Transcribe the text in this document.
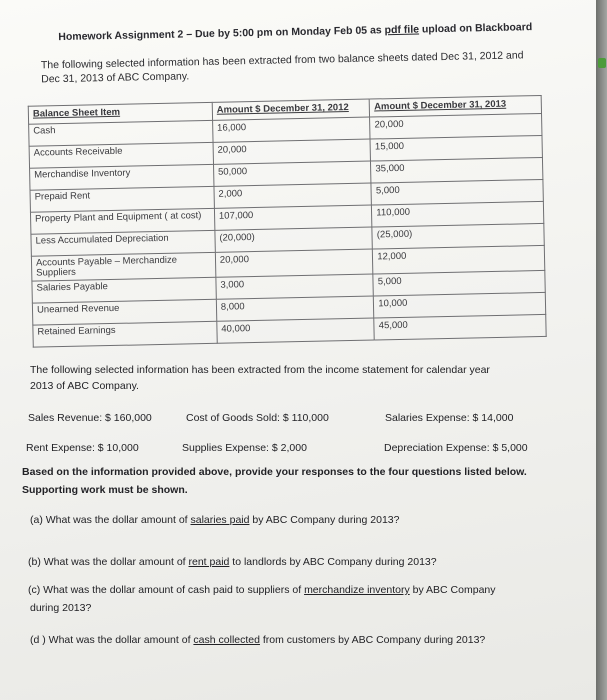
Homework Assignment 2 – Due by 5:00 pm on Monday Feb 05 as pdf file upload on Blackboard
The following selected information has been extracted from two balance sheets dated Dec 31, 2012 and
Dec 31, 2013 of ABC Company.
Balance Sheet Item	Amount $ December 31, 2012	Amount $ December 31, 2013
Cash	16,000	20,000
Accounts Receivable	20,000	15,000
Merchandise Inventory	50,000	35,000
Prepaid Rent	2,000	5,000
Property Plant and Equipment ( at cost)	107,000	110,000
Less Accumulated Depreciation	(20,000)	(25,000)
Accounts Payable – Merchandize Suppliers	20,000	12,000
Salaries Payable	3,000	5,000
Unearned Revenue	8,000	10,000
Retained Earnings	40,000	45,000
The following selected information has been extracted from the income statement for calendar year
2013 of ABC Company.
Sales Revenue: $ 160,000	Cost of Goods Sold: $ 110,000	Salaries Expense: $ 14,000
Rent Expense: $ 10,000	Supplies Expense: $ 2,000	Depreciation Expense: $ 5,000
Based on the information provided above, provide your responses to the four questions listed below.
Supporting work must be shown.
(a) What was the dollar amount of salaries paid by ABC Company during 2013?
(b) What was the dollar amount of rent paid to landlords by ABC Company during 2013?
(c) What was the dollar amount of cash paid to suppliers of merchandize inventory by ABC Company
during 2013?
(d ) What was the dollar amount of cash collected from customers by ABC Company during 2013?
